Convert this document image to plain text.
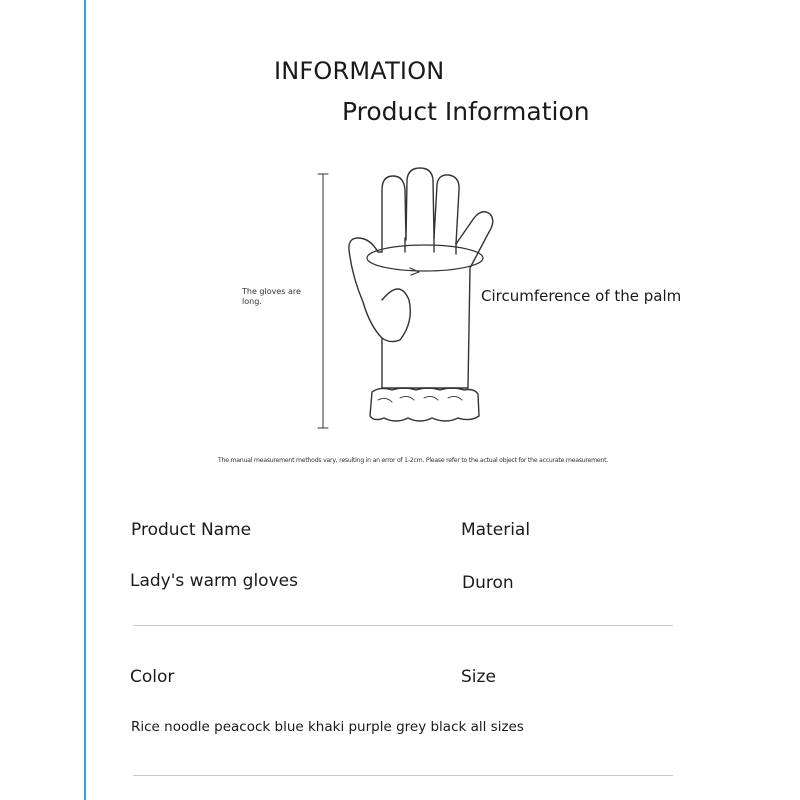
INFORMATION
Product Information
The gloves are long.	Circumference of the palm
The manual measurement methods vary, resulting in an error of 1-2cm. Please refer to the actual object for the accurate measurement.
Product Name	Material
Lady's warm gloves	Duron
Color	Size
Rice noodle peacock blue khaki purple grey black all sizes
